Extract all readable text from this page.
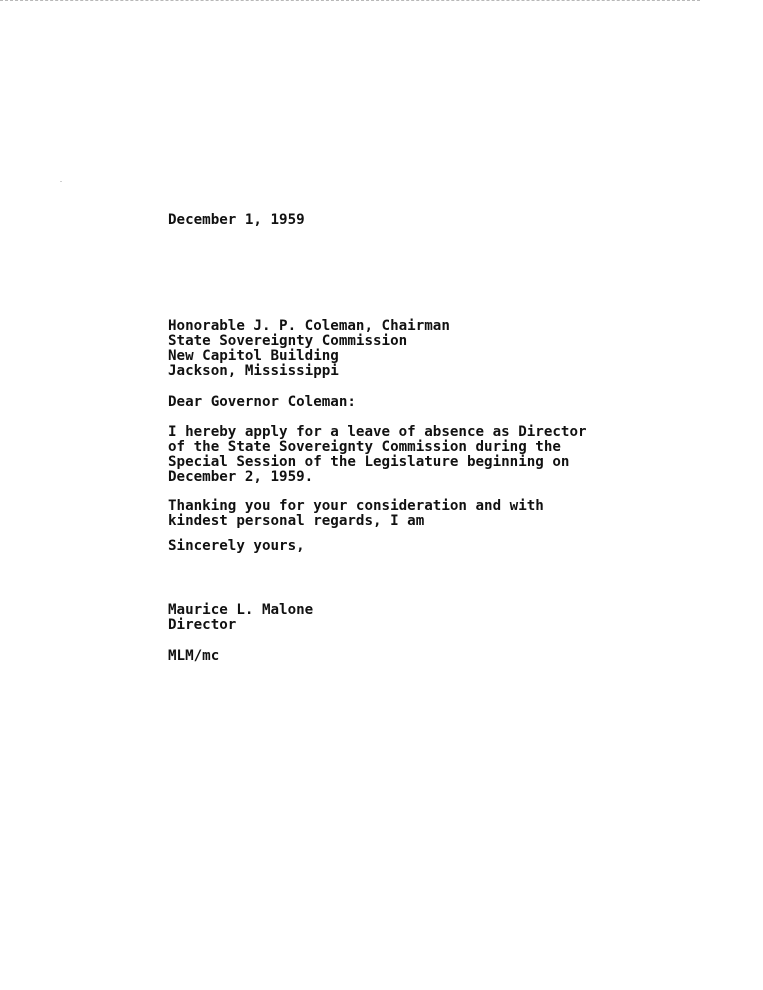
December 1, 1959
Honorable J. P. Coleman, Chairman
State Sovereignty Commission
New Capitol Building
Jackson, Mississippi
Dear Governor Coleman:
I hereby apply for a leave of absence as Director
of the State Sovereignty Commission during the
Special Session of the Legislature beginning on
December 2, 1959.
Thanking you for your consideration and with
kindest personal regards, I am
Sincerely yours,
Maurice L. Malone
Director
MLM/mc
